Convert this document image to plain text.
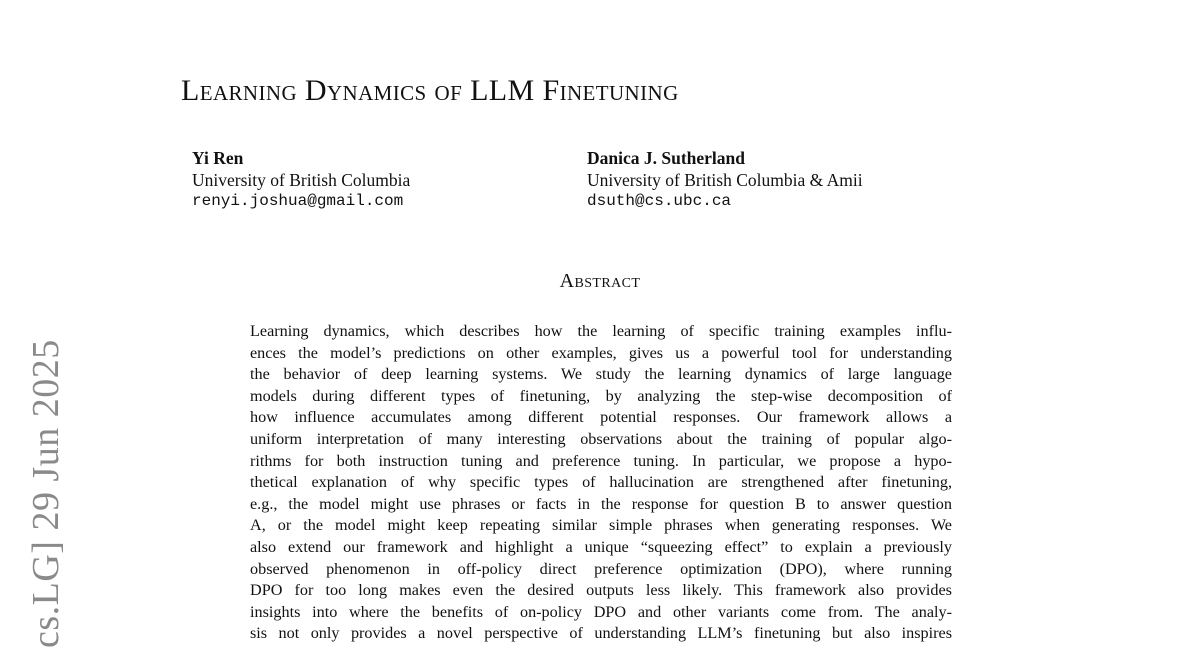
cs.LG] 29 Jun 2025
Learning Dynamics of LLM Finetuning
Yi Ren
University of British Columbia
renyi.joshua@gmail.com
Danica J. Sutherland
University of British Columbia & Amii
dsuth@cs.ubc.ca
Abstract
Learning dynamics, which describes how the learning of specific training examples influ-
ences the model’s predictions on other examples, gives us a powerful tool for understanding
the behavior of deep learning systems. We study the learning dynamics of large language
models during different types of finetuning, by analyzing the step-wise decomposition of
how influence accumulates among different potential responses. Our framework allows a
uniform interpretation of many interesting observations about the training of popular algo-
rithms for both instruction tuning and preference tuning. In particular, we propose a hypo-
thetical explanation of why specific types of hallucination are strengthened after finetuning,
e.g., the model might use phrases or facts in the response for question B to answer question
A, or the model might keep repeating similar simple phrases when generating responses. We
also extend our framework and highlight a unique “squeezing effect” to explain a previously
observed phenomenon in off-policy direct preference optimization (DPO), where running
DPO for too long makes even the desired outputs less likely. This framework also provides
insights into where the benefits of on-policy DPO and other variants come from. The analy-
sis not only provides a novel perspective of understanding LLM’s finetuning but also inspires
